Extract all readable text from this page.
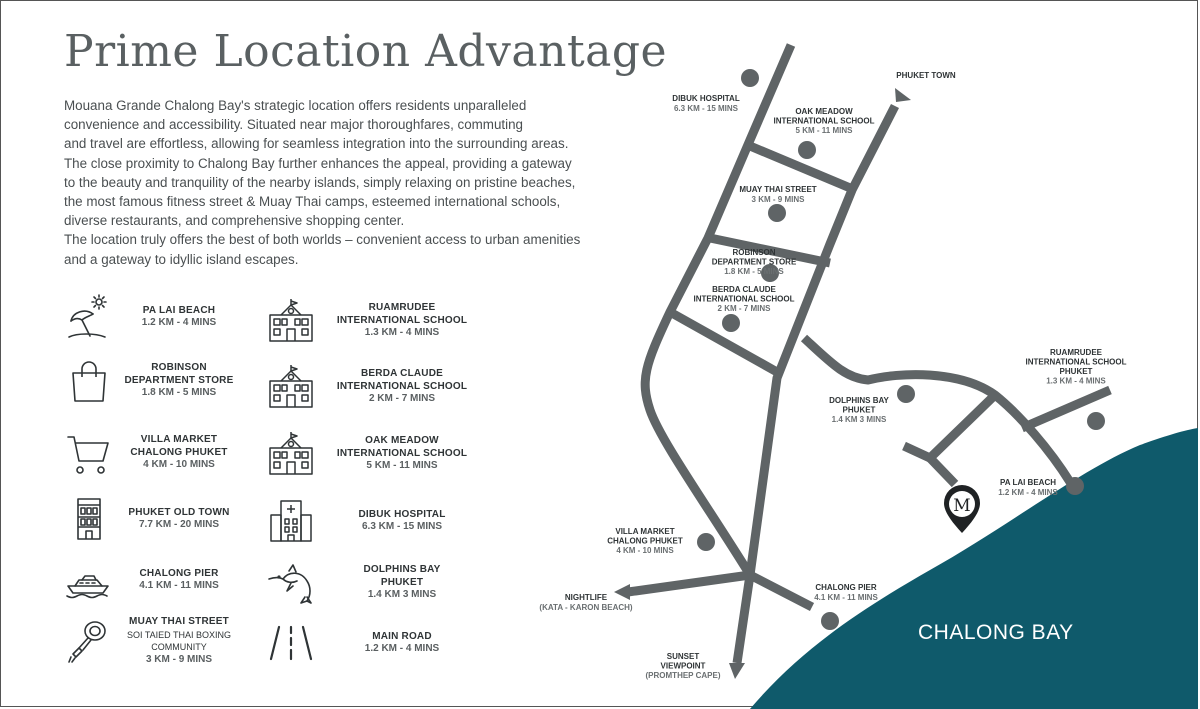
Prime Location Advantage

Mouana Grande Chalong Bay's strategic location offers residents unparalleled
convenience and accessibility. Situated near major thoroughfares, commuting
and travel are effortless, allowing for seamless integration into the surrounding areas.
The close proximity to Chalong Bay further enhances the appeal, providing a gateway
to the beauty and tranquility of the nearby islands, simply relaxing on pristine beaches,
the most famous fitness street & Muay Thai camps, esteemed international schools,
diverse restaurants, and comprehensive shopping center.
The location truly offers the best of both worlds – convenient access to urban amenities
and a gateway to idyllic island escapes.

PA LAI BEACH
1.2 KM - 4 MINS
ROBINSON
DEPARTMENT STORE
1.8 KM - 5 MINS
VILLA MARKET
CHALONG PHUKET
4 KM - 10 MINS
PHUKET OLD TOWN
7.7 KM - 20 MINS
CHALONG PIER
4.1 KM - 11 MINS
MUAY THAI STREET
SOI TAIED THAI BOXING
COMMUNITY
3 KM - 9 MINS
RUAMRUDEE
INTERNATIONAL SCHOOL
1.3 KM - 4 MINS
BERDA CLAUDE
INTERNATIONAL SCHOOL
2 KM - 7 MINS
OAK MEADOW
INTERNATIONAL SCHOOL
5 KM - 11 MINS
DIBUK HOSPITAL
6.3 KM - 15 MINS
DOLPHINS BAY
PHUKET
1.4 KM 3 MINS
MAIN ROAD
1.2 KM - 4 MINS
CHALONG BAY
M
DIBUK HOSPITAL 6.3 KM - 15 MINS
PHUKET TOWN
OAK MEADOW INTERNATIONAL SCHOOL 5 KM - 11 MINS
MUAY THAI STREET 3 KM - 9 MINS
ROBINSON DEPARTMENT STORE 1.8 KM - 5 MINS
BERDA CLAUDE INTERNATIONAL SCHOOL 2 KM - 7 MINS
RUAMRUDEE INTERNATIONAL SCHOOL PHUKET 1.3 KM - 4 MINS
DOLPHINS BAY PHUKET 1.4 KM 3 MINS
PA LAI BEACH 1.2 KM - 4 MINS
VILLA MARKET CHALONG PHUKET 4 KM - 10 MINS
CHALONG PIER 4.1 KM - 11 MINS
NIGHTLIFE (KATA - KARON BEACH)
SUNSET VIEWPOINT (PROMTHEP CAPE)
